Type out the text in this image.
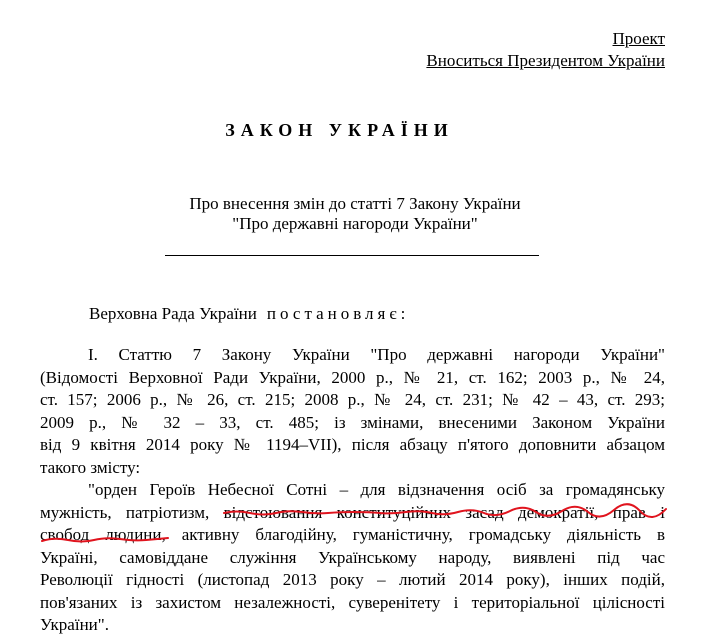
Проект
Вноситься Президентом України
ЗАКОН УКРАЇНИ
Про внесення змін до статті 7 Закону України
"Про державні нагороди України"
Верховна Рада України постановляє:
І. Статтю 7 Закону України "Про державні нагороди України"
(Відомості Верховної Ради України, 2000 р., № 21, ст. 162; 2003 р., № 24,
ст. 157; 2006 р., № 26, ст. 215; 2008 р., № 24, ст. 231; № 42 – 43, ст. 293;
2009 р., № 32 – 33, ст. 485; із змінами, внесеними Законом України
від 9 квітня 2014 року № 1194–VII), після абзацу п'ятого доповнити абзацом
такого змісту:
"орден Героїв Небесної Сотні – для відзначення осіб за громадянську
мужність, патріотизм, відстоювання конституційних засад демократії, прав і
свобод людини, активну благодійну, гуманістичну, громадську діяльність в
Україні, самовіддане служіння Українському народу, виявлені під час
Революції гідності (листопад 2013 року – лютий 2014 року), інших подій,
пов'язаних із захистом незалежності, суверенітету і територіальної цілісності
України".
